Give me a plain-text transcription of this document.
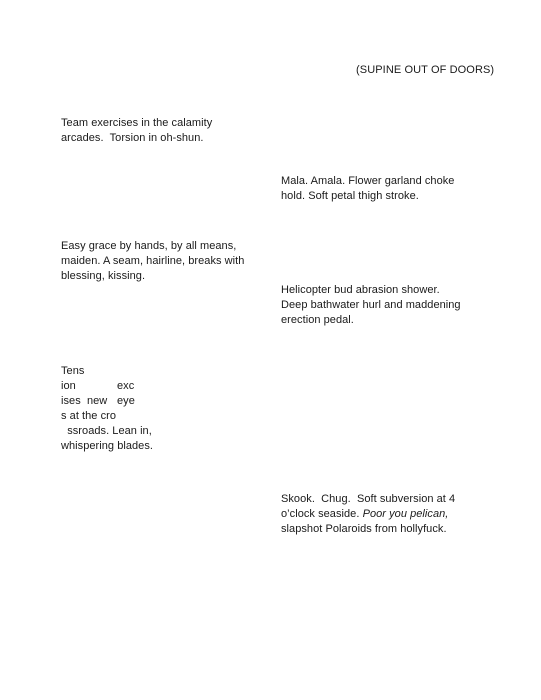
(SUPINE OUT OF DOORS)
Team exercises in the calamity
arcades.  Torsion in oh-shun.
Mala. Amala. Flower garland choke
hold. Soft petal thigh stroke.
Easy grace by hands, by all means,
maiden. A seam, hairline, breaks with
blessing, kissing.
Helicopter bud abrasion shower.
Deep bathwater hurl and maddening
erection pedal.
Tens
ion	exc
ises  new eye
s at the cro
ssroads. Lean in,
whispering blades.
Skook.  Chug.  Soft subversion at 4
o’clock seaside. Poor you pelican,
slapshot Polaroids from hollyfuck.
